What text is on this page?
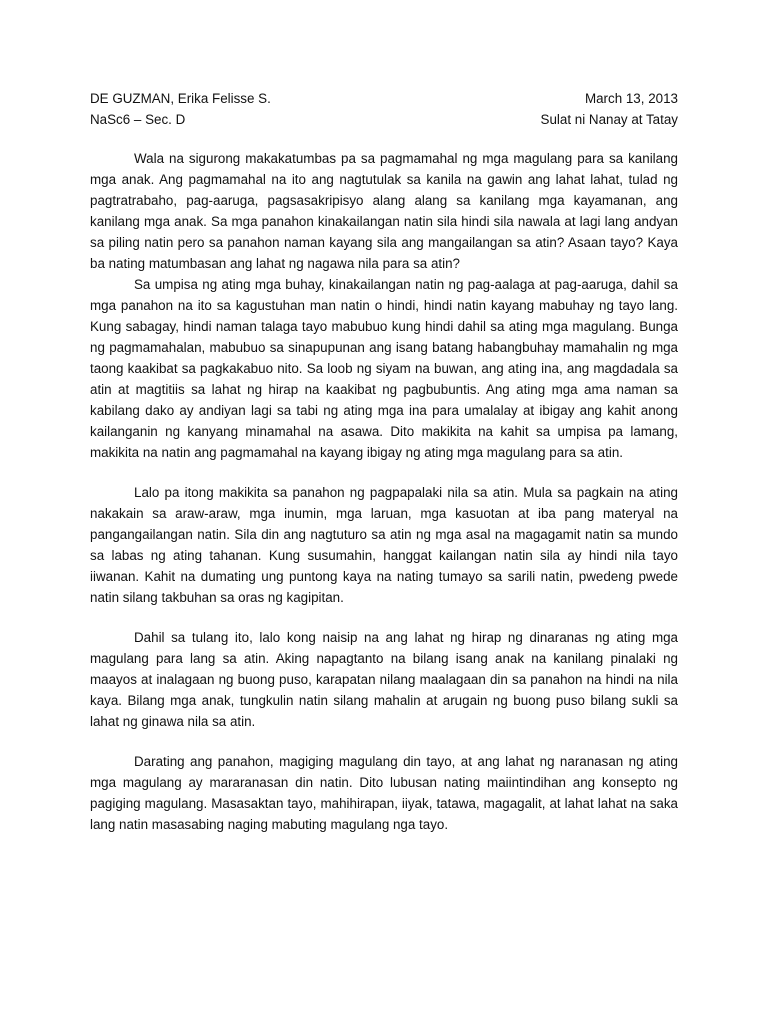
DE GUZMAN, Erika Felisse S.	March 13, 2013
NaSc6 – Sec. D	Sulat ni Nanay at Tatay

Wala na sigurong makakatumbas pa sa pagmamahal ng mga magulang para sa kanilang mga anak. Ang pagmamahal na ito ang nagtutulak sa kanila na gawin ang lahat lahat, tulad ng pagtratrabaho, pag-aaruga, pagsasakripisyo alang alang sa kanilang mga kayamanan, ang kanilang mga anak. Sa mga panahon kinakailangan natin sila hindi sila nawala at lagi lang andyan sa piling natin pero sa panahon naman kayang sila ang mangailangan sa atin? Asaan tayo? Kaya ba nating matumbasan ang lahat ng nagawa nila para sa atin?

Sa umpisa ng ating mga buhay, kinakailangan natin ng pag-aalaga at pag-aaruga, dahil sa mga panahon na ito sa kagustuhan man natin o hindi, hindi natin kayang mabuhay ng tayo lang. Kung sabagay, hindi naman talaga tayo mabubuo kung hindi dahil sa ating mga magulang. Bunga ng pagmamahalan, mabubuo sa sinapupunan ang isang batang habangbuhay mamahalin ng mga taong kaakibat sa pagkakabuo nito. Sa loob ng siyam na buwan, ang ating ina, ang magdadala sa atin at magtitiis sa lahat ng hirap na kaakibat ng pagbubuntis. Ang ating mga ama naman sa kabilang dako ay andiyan lagi sa tabi ng ating mga ina para umalalay at ibigay ang kahit anong kailanganin ng kanyang minamahal na asawa. Dito makikita na kahit sa umpisa pa lamang, makikita na natin ang pagmamahal na kayang ibigay ng ating mga magulang para sa atin.

Lalo pa itong makikita sa panahon ng pagpapalaki nila sa atin. Mula sa pagkain na ating nakakain sa araw-araw, mga inumin, mga laruan, mga kasuotan at iba pang materyal na pangangailangan natin. Sila din ang nagtuturo sa atin ng mga asal na magagamit natin sa mundo sa labas ng ating tahanan. Kung susumahin, hanggat kailangan natin sila ay hindi nila tayo iiwanan. Kahit na dumating ung puntong kaya na nating tumayo sa sarili natin, pwedeng pwede natin silang takbuhan sa oras ng kagipitan.

Dahil sa tulang ito, lalo kong naisip na ang lahat ng hirap ng dinaranas ng ating mga magulang para lang sa atin. Aking napagtanto na bilang isang anak na kanilang pinalaki ng maayos at inalagaan ng buong puso, karapatan nilang maalagaan din sa panahon na hindi na nila kaya. Bilang mga anak, tungkulin natin silang mahalin at arugain ng buong puso bilang sukli sa lahat ng ginawa nila sa atin.

Darating ang panahon, magiging magulang din tayo, at ang lahat ng naranasan ng ating mga magulang ay mararanasan din natin. Dito lubusan nating maiintindihan ang konsepto ng pagiging magulang. Masasaktan tayo, mahihirapan, iiyak, tatawa, magagalit, at lahat lahat na saka lang natin masasabing naging mabuting magulang nga tayo.
